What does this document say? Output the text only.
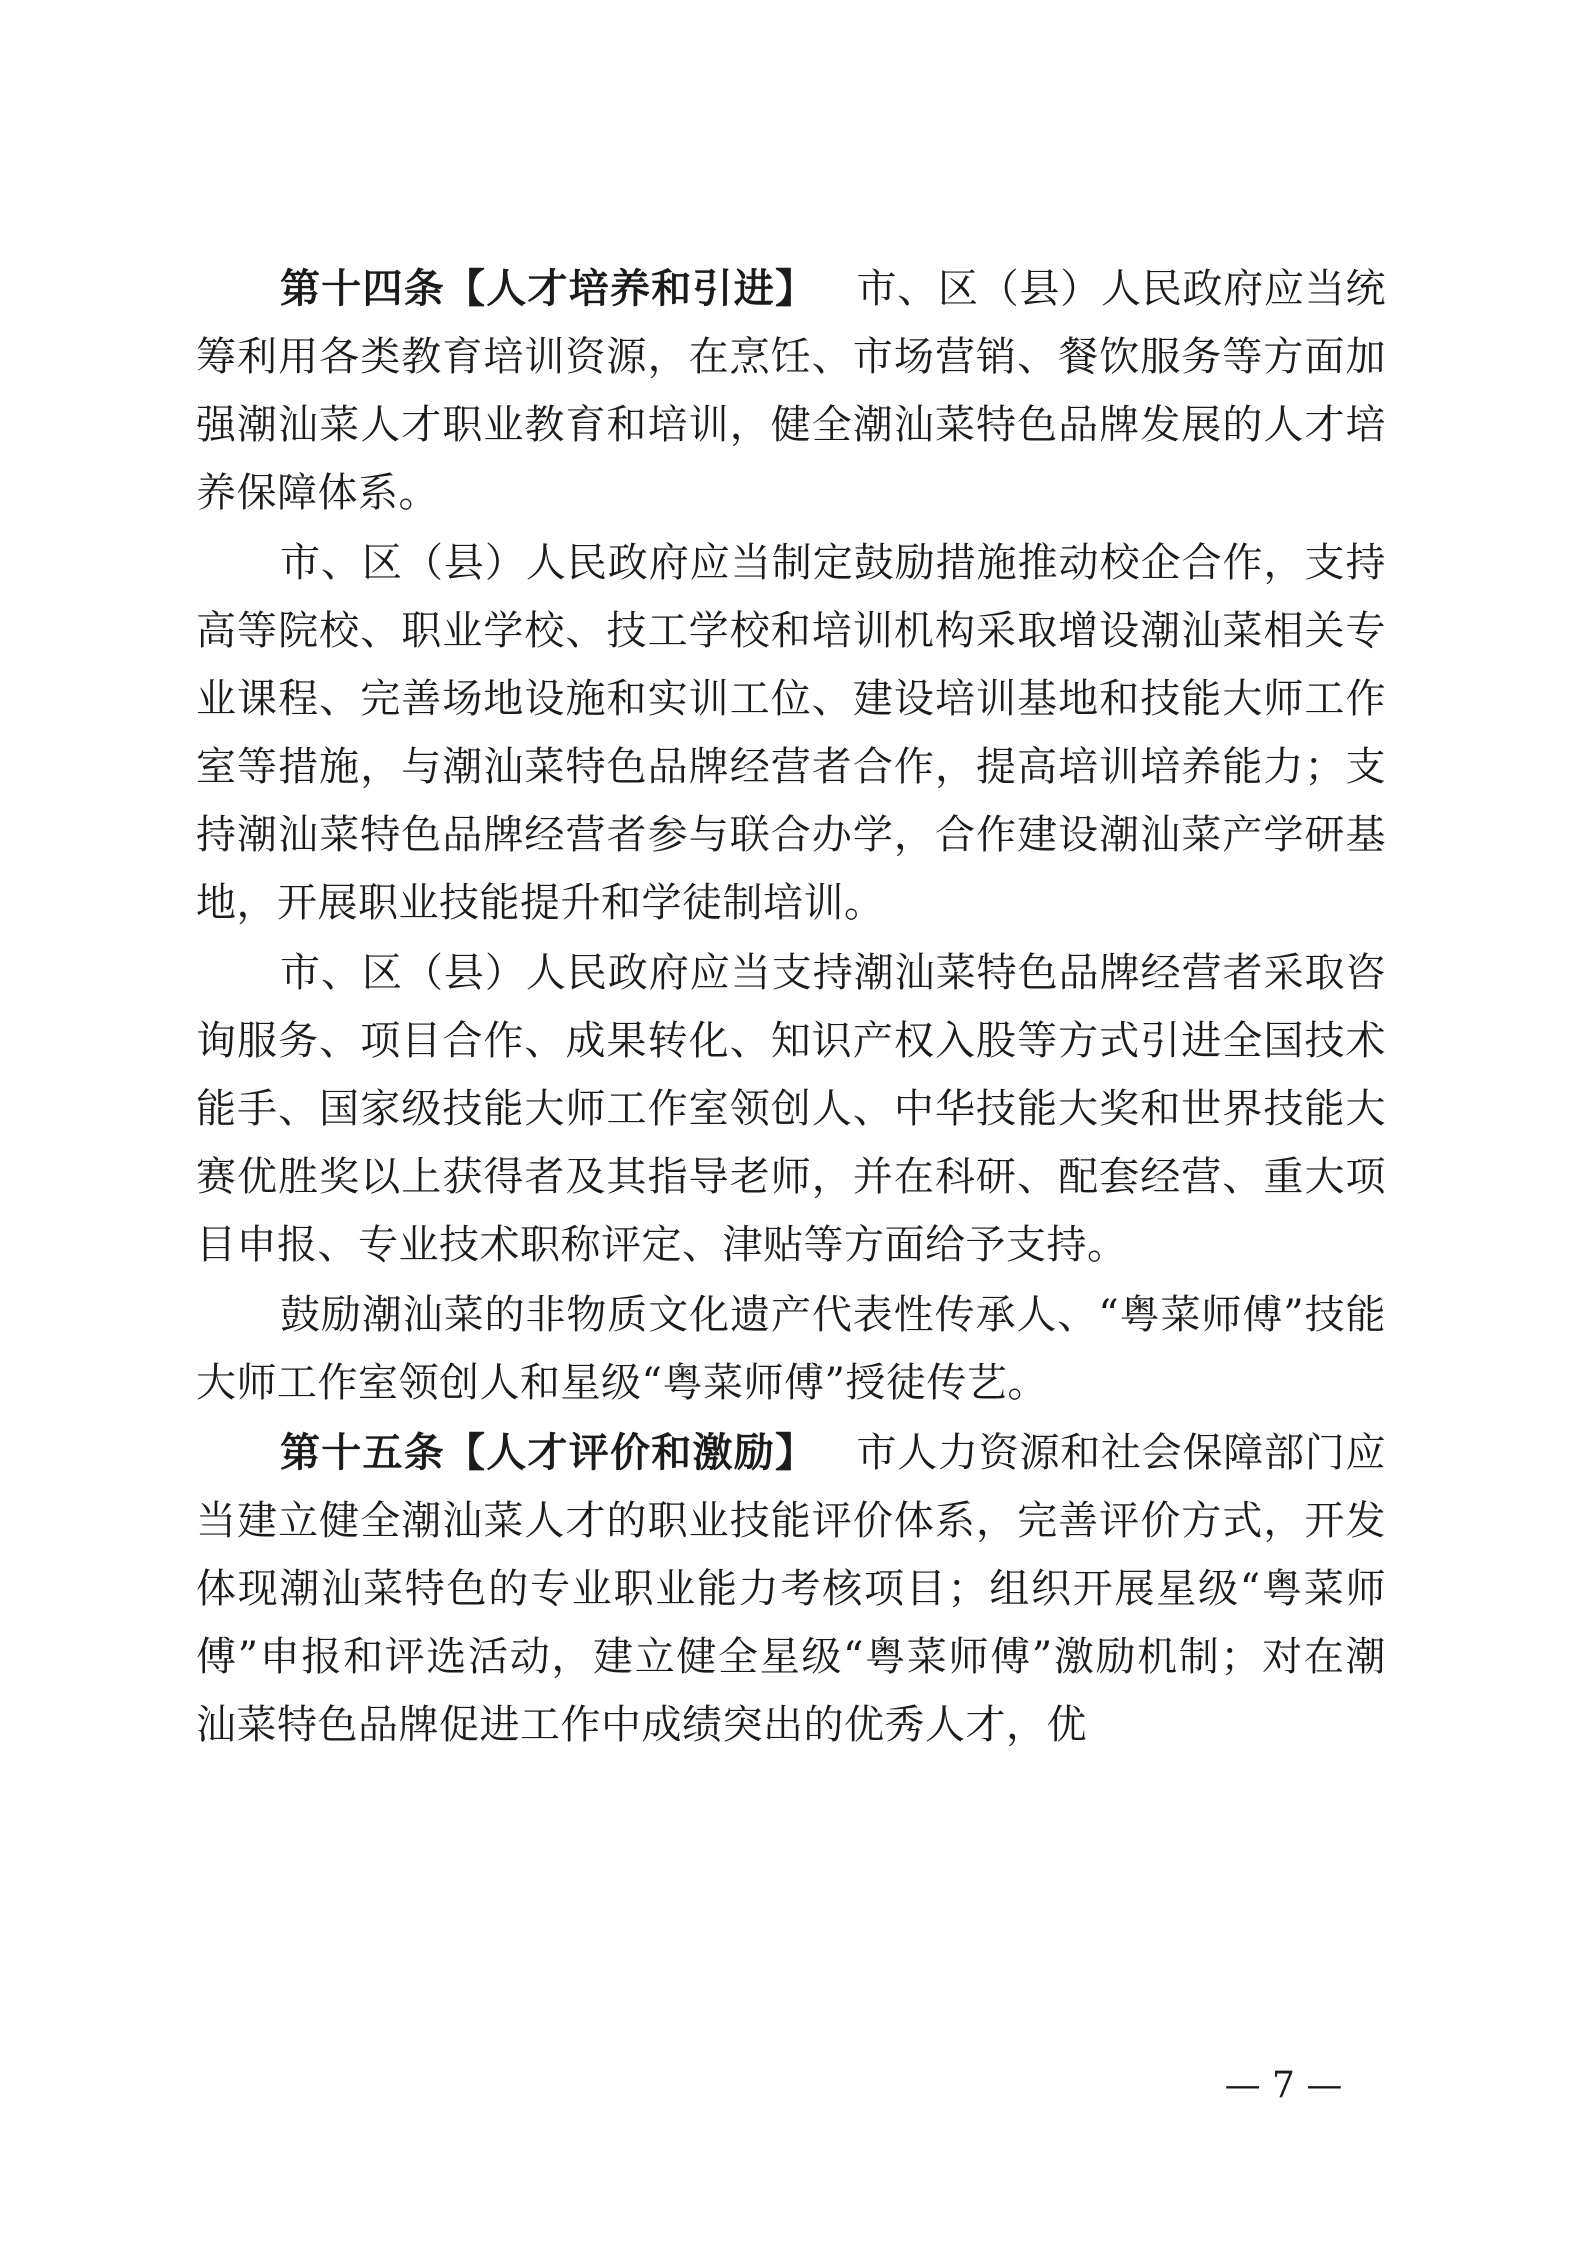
第十四条【人才培养和引进】 市、区（县）人民政府应当统筹利用各类教育培训资源，在烹饪、市场营销、餐饮服务等方面加强潮汕菜人才职业教育和培训，健全潮汕菜特色品牌发展的人才培养保障体系。

市、区（县）人民政府应当制定鼓励措施推动校企合作，支持高等院校、职业学校、技工学校和培训机构采取增设潮汕菜相关专业课程、完善场地设施和实训工位、建设培训基地和技能大师工作室等措施，与潮汕菜特色品牌经营者合作，提高培训培养能力；支持潮汕菜特色品牌经营者参与联合办学，合作建设潮汕菜产学研基地，开展职业技能提升和学徒制培训。

市、区（县）人民政府应当支持潮汕菜特色品牌经营者采取咨询服务、项目合作、成果转化、知识产权入股等方式引进全国技术能手、国家级技能大师工作室领创人、中华技能大奖和世界技能大赛优胜奖以上获得者及其指导老师，并在科研、配套经营、重大项目申报、专业技术职称评定、津贴等方面给予支持。

鼓励潮汕菜的非物质文化遗产代表性传承人、“粤菜师傅”技能大师工作室领创人和星级“粤菜师傅”授徒传艺。

第十五条【人才评价和激励】 市人力资源和社会保障部门应当建立健全潮汕菜人才的职业技能评价体系，完善评价方式，开发体现潮汕菜特色的专业职业能力考核项目；组织开展星级“粤菜师傅”申报和评选活动，建立健全星级“粤菜师傅”激励机制；对在潮汕菜特色品牌促进工作中成绩突出的优秀人才，优

— 7 —
